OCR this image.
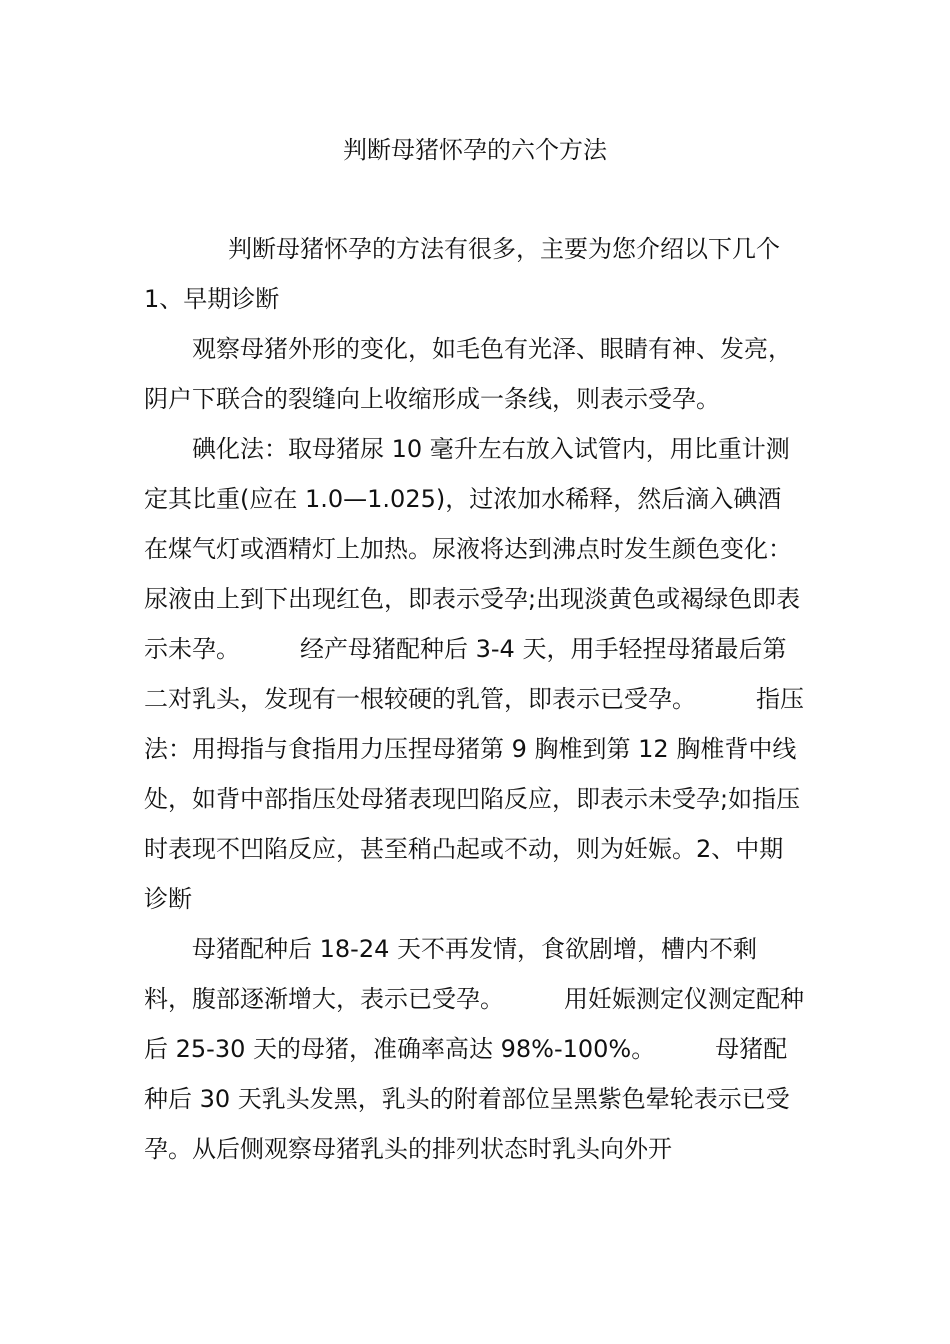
判断母猪怀孕的六个方法

判断母猪怀孕的方法有很多，主要为您介绍以下几个

1、早期诊断

观察母猪外形的变化，如毛色有光泽、眼睛有神、发亮，阴户下联合的裂缝向上收缩形成一条线，则表示受孕。

碘化法：取母猪尿 10 毫升左右放入试管内，用比重计测定其比重(应在 1.0—1.025)，过浓加水稀释，然后滴入碘酒在煤气灯或酒精灯上加热。尿液将达到沸点时发生颜色变化：尿液由上到下出现红色，即表示受孕;出现淡黄色或褐绿色即表示未孕。	经产母猪配种后 3-4 天，用手轻捏母猪最后第二对乳头，发现有一根较硬的乳管，即表示已受孕。	指压法：用拇指与食指用力压捏母猪第 9 胸椎到第 12 胸椎背中线处，如背中部指压处母猪表现凹陷反应，即表示未受孕;如指压时表现不凹陷反应，甚至稍凸起或不动，则为妊娠。2、中期诊断

母猪配种后 18-24 天不再发情，食欲剧增，槽内不剩料，腹部逐渐增大，表示已受孕。	用妊娠测定仪测定配种后 25-30 天的母猪，准确率高达 98%-100%。	母猪配种后 30 天乳头发黑，乳头的附着部位呈黑紫色晕轮表示已受孕。从后侧观察母猪乳头的排列状态时乳头向外开
